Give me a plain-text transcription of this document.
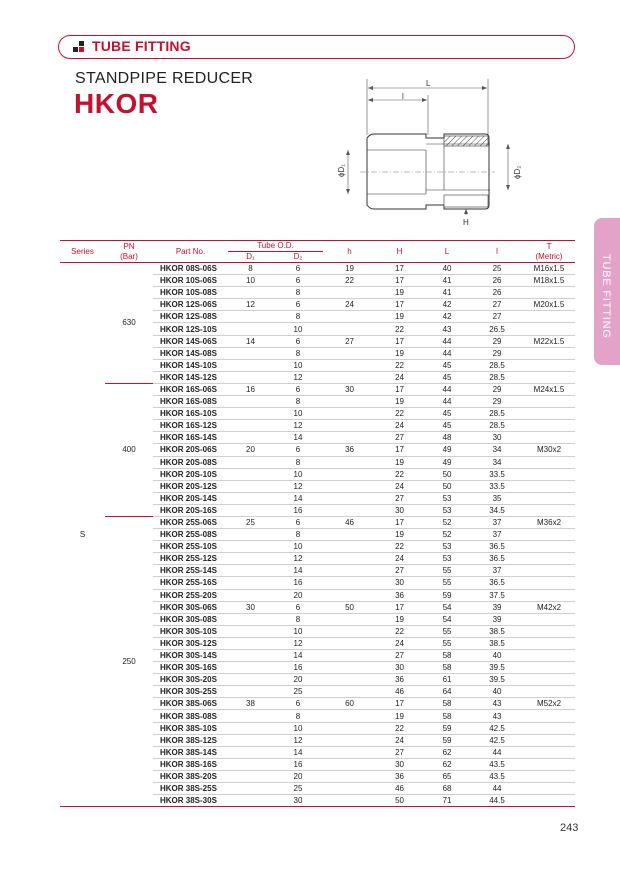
TUBE FITTING
STANDPIPE REDUCER
HKOR
L
l
ϕD₁	ϕD₂
H
TUBE FITTING
Series	PN
(Bar)	Part No.	Tube O.D.		h	H	L	l	T
(Metric)
			D₁	D₂					
S	630	HKOR 08S-06S	8	6	19	17	40	25	M16x1.5
		HKOR 10S-06S	10	6	22	17	41	26	M18x1.5
		HKOR 10S-08S		8		19	41	26	
		HKOR 12S-06S	12	6	24	17	42	27	M20x1.5
		HKOR 12S-08S		8		19	42	27	
		HKOR 12S-10S		10		22	43	26.5	
		HKOR 14S-06S	14	6	27	17	44	29	M22x1.5
		HKOR 14S-08S		8		19	44	29	
		HKOR 14S-10S		10		22	45	28.5	
		HKOR 14S-12S		12		24	45	28.5	
	400	HKOR 16S-06S	16	6	30	17	44	29	M24x1.5
		HKOR 16S-08S		8		19	44	29	
		HKOR 16S-10S		10		22	45	28.5	
		HKOR 16S-12S		12		24	45	28.5	
		HKOR 16S-14S		14		27	48	30	
		HKOR 20S-06S	20	6	36	17	49	34	M30x2
		HKOR 20S-08S		8		19	49	34	
		HKOR 20S-10S		10		22	50	33.5	
		HKOR 20S-12S		12		24	50	33.5	
		HKOR 20S-14S		14		27	53	35	
		HKOR 20S-16S		16		30	53	34.5	
	250	HKOR 25S-06S	25	6	46	17	52	37	M36x2
		HKOR 25S-08S		8		19	52	37	
		HKOR 25S-10S		10		22	53	36.5	
		HKOR 25S-12S		12		24	53	36.5	
		HKOR 25S-14S		14		27	55	37	
		HKOR 25S-16S		16		30	55	36.5	
		HKOR 25S-20S		20		36	59	37.5	
		HKOR 30S-06S	30	6	50	17	54	39	M42x2
		HKOR 30S-08S		8		19	54	39	
		HKOR 30S-10S		10		22	55	38.5	
		HKOR 30S-12S		12		24	55	38.5	
		HKOR 30S-14S		14		27	58	40	
		HKOR 30S-16S		16		30	58	39.5	
		HKOR 30S-20S		20		36	61	39.5	
		HKOR 30S-25S		25		46	64	40	
		HKOR 38S-06S	38	6	60	17	58	43	M52x2
		HKOR 38S-08S		8		19	58	43	
		HKOR 38S-10S		10		22	59	42.5	
		HKOR 38S-12S		12		24	59	42.5	
		HKOR 38S-14S		14		27	62	44	
		HKOR 38S-16S		16		30	62	43.5	
		HKOR 38S-20S		20		36	65	43.5	
		HKOR 38S-25S		25		46	68	44	
		HKOR 38S-30S		30		50	71	44.5	
243
